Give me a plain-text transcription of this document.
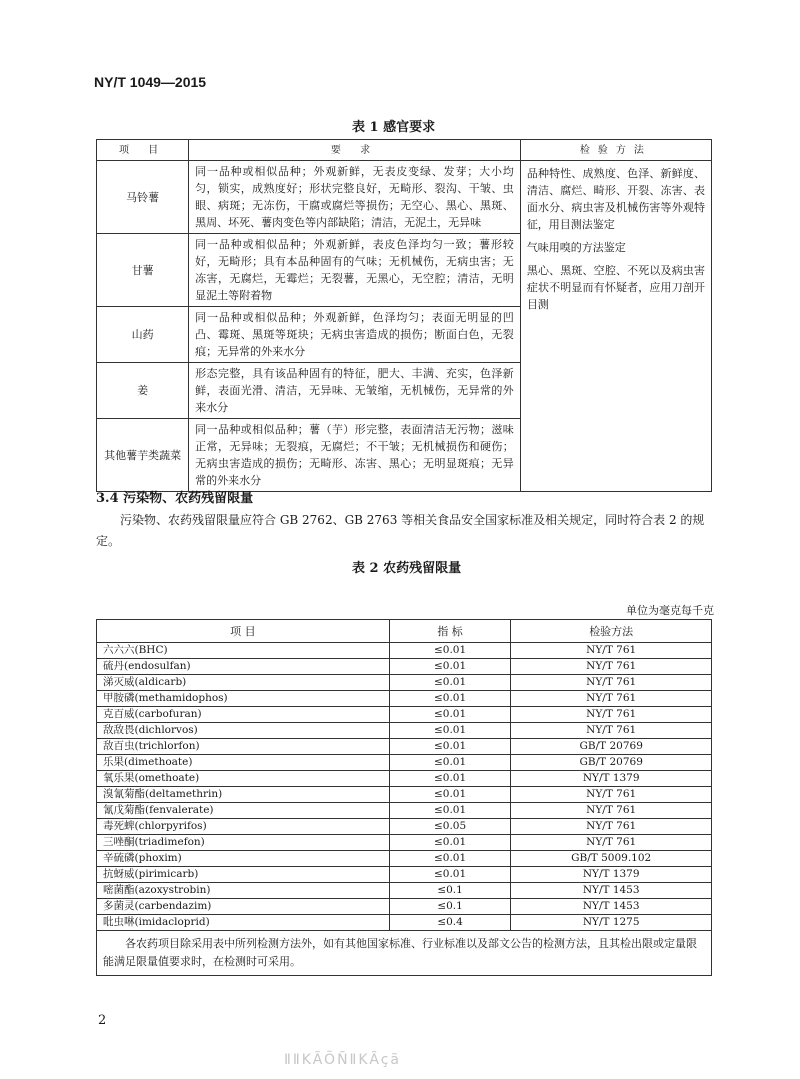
NY/T 1049—2015
表 1 感官要求
项 目	要 求	检验方法
马铃薯	同一品种或相似品种；外观新鲜，无表皮变绿、发芽；大小均匀，锁实，成熟度好；形状完整良好，无畸形、裂沟、干皱、虫眼、病斑；无冻伤，干腐或腐烂等损伤；无空心、黑心、黑斑、黑周、坏死、薯肉变色等内部缺陷；清洁，无泥土，无异味	品种特性、成熟度、色泽、新鲜度、清洁、腐烂、畸形、开裂、冻害、表面水分、病虫害及机械伤害等外观特征，用目测法鉴定

气味用嗅的方法鉴定

黑心、黑斑、空腔、不死以及病虫害症状不明显而有怀疑者，应用刀剖开目测

甘薯	同一品种或相似品种；外观新鲜，表皮色泽均匀一致；薯形较好，无畸形；具有本品种固有的气味；无机械伤，无病虫害；无冻害，无腐烂，无霉烂；无裂薯，无黑心，无空腔；清洁，无明显泥土等附着物	
山药	同一品种或相似品种；外观新鲜，色泽均匀；表面无明显的凹凸、霉斑、黑斑等斑块；无病虫害造成的损伤；断面白色，无裂痕；无异常的外来水分	
姜	形态完整，具有该品种固有的特征，肥大、丰满、充实，色泽新鲜，表面光滑、清洁，无异味、无皱缩，无机械伤，无异常的外来水分	
其他薯芋类蔬菜	同一品种或相似品种；薯（芋）形完整，表面清洁无污物；滋味正常，无异味；无裂痕，无腐烂；不干皱；无机械损伤和硬伤；无病虫害造成的损伤；无畸形、冻害、黑心；无明显斑痕；无异常的外来水分	
3.4 污染物、农药残留限量
污染物、农药残留限量应符合 GB 2762、GB 2763 等相关食品安全国家标准及相关规定，同时符合表 2 的规定。
表 2 农药残留限量
单位为毫克每千克
项 目	指 标	检验方法
六六六(BHC)	≤0.01	NY/T 761
硫丹(endosulfan)	≤0.01	NY/T 761
涕灭威(aldicarb)	≤0.01	NY/T 761
甲胺磷(methamidophos)	≤0.01	NY/T 761
克百威(carbofuran)	≤0.01	NY/T 761
敌敌畏(dichlorvos)	≤0.01	NY/T 761
敌百虫(trichlorfon)	≤0.01	GB/T 20769
乐果(dimethoate)	≤0.01	GB/T 20769
氧乐果(omethoate)	≤0.01	NY/T 1379
溴氰菊酯(deltamethrin)	≤0.01	NY/T 761
氰戊菊酯(fenvalerate)	≤0.01	NY/T 761
毒死蜱(chlorpyrifos)	≤0.05	NY/T 761
三唑酮(triadimefon)	≤0.01	NY/T 761
辛硫磷(phoxim)	≤0.01	GB/T 5009.102
抗蚜威(pirimicarb)	≤0.01	NY/T 1379
嘧菌酯(azoxystrobin)	≤0.1	NY/T 1453
多菌灵(carbendazim)	≤0.1	NY/T 1453
吡虫啉(imidacloprid)	≤0.4	NY/T 1275
各农药项目除采用表中所列检测方法外，如有其他国家标准、行业标准以及部文公告的检测方法，且其检出限或定量限能满足限量值要求时，在检测时可采用。		
2
ⅡⅡKÃÕÑⅡKÃçã
